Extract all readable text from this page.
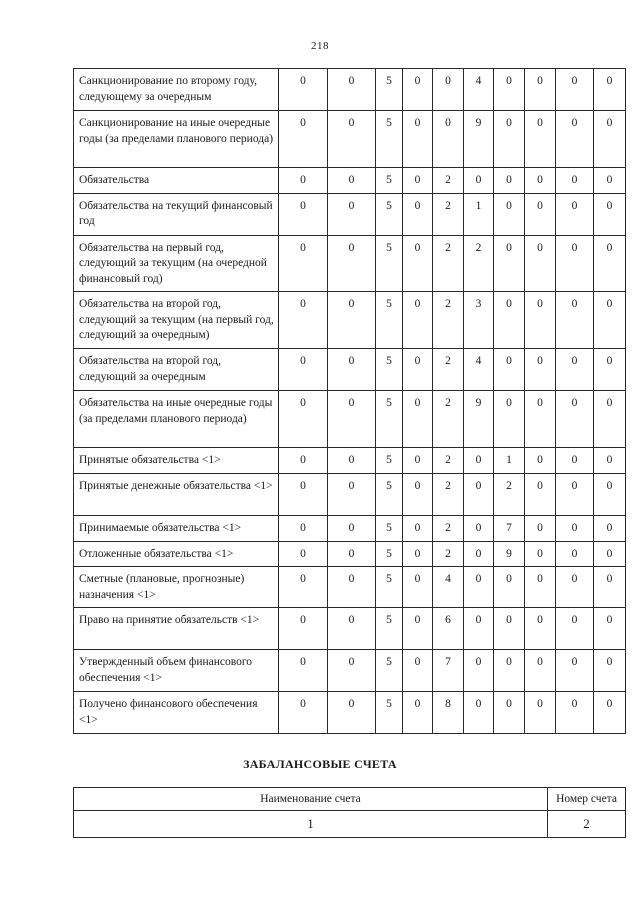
218
Санкционирование по второму году, следующему за очередным	0	0	5	0	0	4	0	0	0	0
Санкционирование на иные очередные годы (за пределами планового периода)	0	0	5	0	0	9	0	0	0	0
Обязательства	0	0	5	0	2	0	0	0	0	0
Обязательства на текущий финансовый год	0	0	5	0	2	1	0	0	0	0
Обязательства на первый год, следующий за текущим (на очередной финансовый год)	0	0	5	0	2	2	0	0	0	0
Обязательства на второй год, следующий за текущим (на первый год, следующий за очередным)	0	0	5	0	2	3	0	0	0	0
Обязательства на второй год, следующий за очередным	0	0	5	0	2	4	0	0	0	0
Обязательства на иные очередные годы (за пределами планового периода)	0	0	5	0	2	9	0	0	0	0
Принятые обязательства <1>	0	0	5	0	2	0	1	0	0	0
Принятые денежные обязательства <1>	0	0	5	0	2	0	2	0	0	0
Принимаемые обязательства <1>	0	0	5	0	2	0	7	0	0	0
Отложенные обязательства <1>	0	0	5	0	2	0	9	0	0	0
Сметные (плановые, прогнозные) назначения <1>	0	0	5	0	4	0	0	0	0	0
Право на принятие обязательств <1>	0	0	5	0	6	0	0	0	0	0
Утвержденный объем финансового обеспечения <1>	0	0	5	0	7	0	0	0	0	0
Получено финансового обеспечения <1>	0	0	5	0	8	0	0	0	0	0
ЗАБАЛАНСОВЫЕ СЧЕТА
Наименование счета	Номер счета
1	2
